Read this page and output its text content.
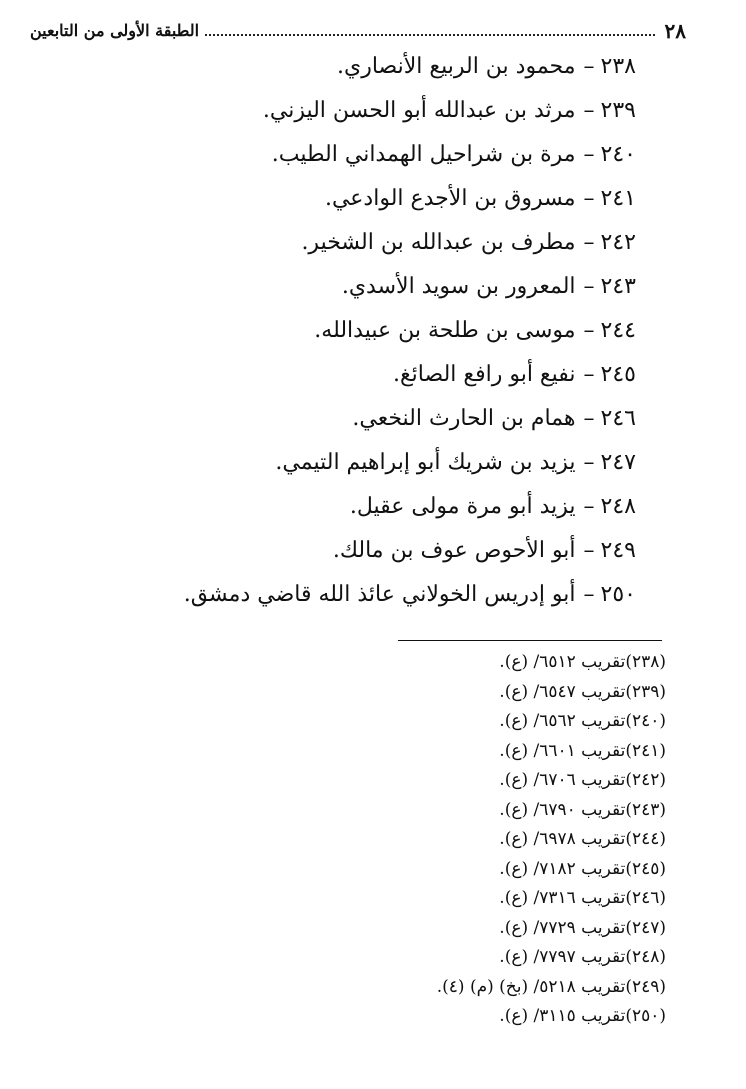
٢٨
الطبقة الأولى من التابعين
٢٣٨–محمود بن الربيع الأنصاري.
٢٣٩–مرثد بن عبدالله أبو الحسن اليزني.
٢٤٠–مرة بن شراحيل الهمداني الطيب.
٢٤١–مسروق بن الأجدع الوادعي.
٢٤٢–مطرف بن عبدالله بن الشخير.
٢٤٣–المعرور بن سويد الأسدي.
٢٤٤–موسى بن طلحة بن عبيدالله.
٢٤٥–نفيع أبو رافع الصائغ.
٢٤٦–همام بن الحارث النخعي.
٢٤٧–يزيد بن شريك أبو إبراهيم التيمي.
٢٤٨–يزيد أبو مرة مولى عقيل.
٢٤٩–أبو الأحوص عوف بن مالك.
٢٥٠–أبو إدريس الخولاني عائذ الله قاضي دمشق.
(٢٣٨)تقريب ٦٥١٢/ (ع).
(٢٣٩)تقريب ٦٥٤٧/ (ع).
(٢٤٠)تقريب ٦٥٦٢/ (ع).
(٢٤١)تقريب ٦٦٠١/ (ع).
(٢٤٢)تقريب ٦٧٠٦/ (ع).
(٢٤٣)تقريب ٦٧٩٠/ (ع).
(٢٤٤)تقريب ٦٩٧٨/ (ع).
(٢٤٥)تقريب ٧١٨٢/ (ع).
(٢٤٦)تقريب ٧٣١٦/ (ع).
(٢٤٧)تقريب ٧٧٢٩/ (ع).
(٢٤٨)تقريب ٧٧٩٧/ (ع).
(٢٤٩)تقريب ٥٢١٨/ (بخ) (م) (٤).
(٢٥٠)تقريب ٣١١٥/ (ع).
